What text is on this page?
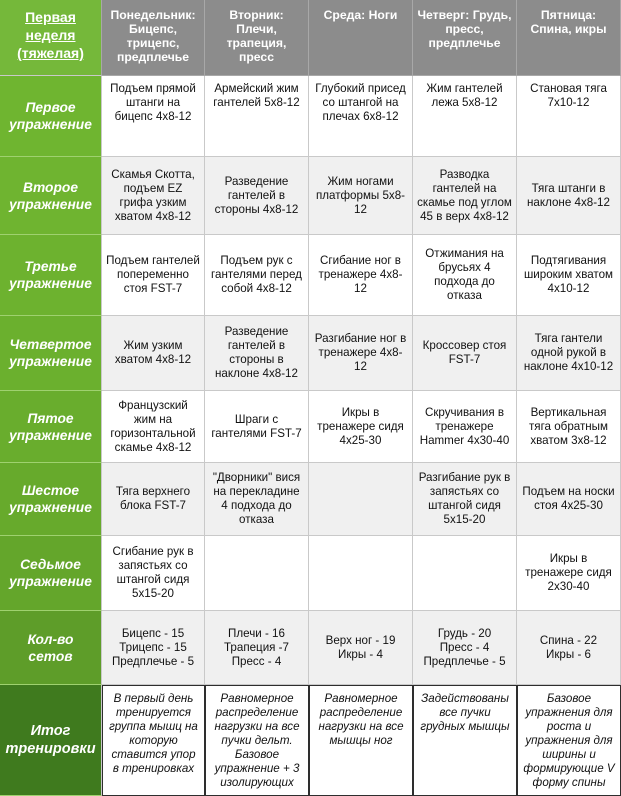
Первая неделя (тяжелая)
Понедельник: Бицепс, трицепс, предплечье
Вторник: Плечи, трапеция, пресс
Среда: Ноги	Четверг: Грудь, пресс, предплечье
Пятница: Спина, икры
Первое упражнение
Подъем прямой штанги на бицепс 4x8-12
Армейский жим гантелей 5x8-12
Глубокий присед со штангой на плечах 6x8-12
Жим гантелей лежа 5x8-12
Становая тяга 7x10-12
Второе упражнение
Скамья Скотта, подъем EZ грифа узким хватом 4x8-12
Разведение гантелей в стороны 4x8-12
Жим ногами платформы 5x8-12
Разводка гантелей на скамье под углом 45 в верх 4x8-12
Тяга штанги в наклоне 4x8-12
Третье упражнение
Подъем гантелей попеременно стоя FST-7
Подъем рук с гантелями перед собой 4x8-12
Сгибание ног в тренажере 4x8-12
Отжимания на брусьях 4 подхода до отказа
Подтягивания широким хватом 4x10-12
Четвертое упражнение
Жим узким хватом 4x8-12
Разведение гантелей в стороны в наклоне 4x8-12
Разгибание ног в тренажере 4x8-12
Кроссовер стоя FST-7
Тяга гантели одной рукой в наклоне 4x10-12
Пятое упражнение
Французский жим на горизонтальной скамье 4x8-12
Шраги с гантелями FST-7
Икры в тренажере сидя 4x25-30
Скручивания в тренажере Hammer 4x30-40
Вертикальная тяга обратным хватом 3x8-12
Шестое упражнение
Тяга верхнего блока FST-7
"Дворники" вися на перекладине 4 подхода до отказа
Разгибание рук в запястьях со штангой сидя 5x15-20
Подъем на носки стоя 4x25-30
Седьмое упражнение
Сгибание рук в запястьях со штангой сидя 5x15-20
Икры в тренажере сидя 2x30-40
Кол-во сетов
Бицепс - 15
Трицепс - 15
Предплечье - 5
Плечи - 16
Трапеция -7
Пресс - 4
Верх ног - 19
Икры - 4
Грудь - 20
Пресс - 4
Предплечье - 5
Спина - 22
Икры - 6
Итог тренировки
В первый день тренируется группа мышц на которую ставится упор в тренировках
Равномерное распределение нагрузки на все пучки дельт. Базовое упражнение + 3 изолирующих
Равномерное распределение нагрузки на все мышцы ног
Задействованы все пучки грудных мышцы
Базовое упражнения для роста и упражнения для ширины и формирующие V форму спины
